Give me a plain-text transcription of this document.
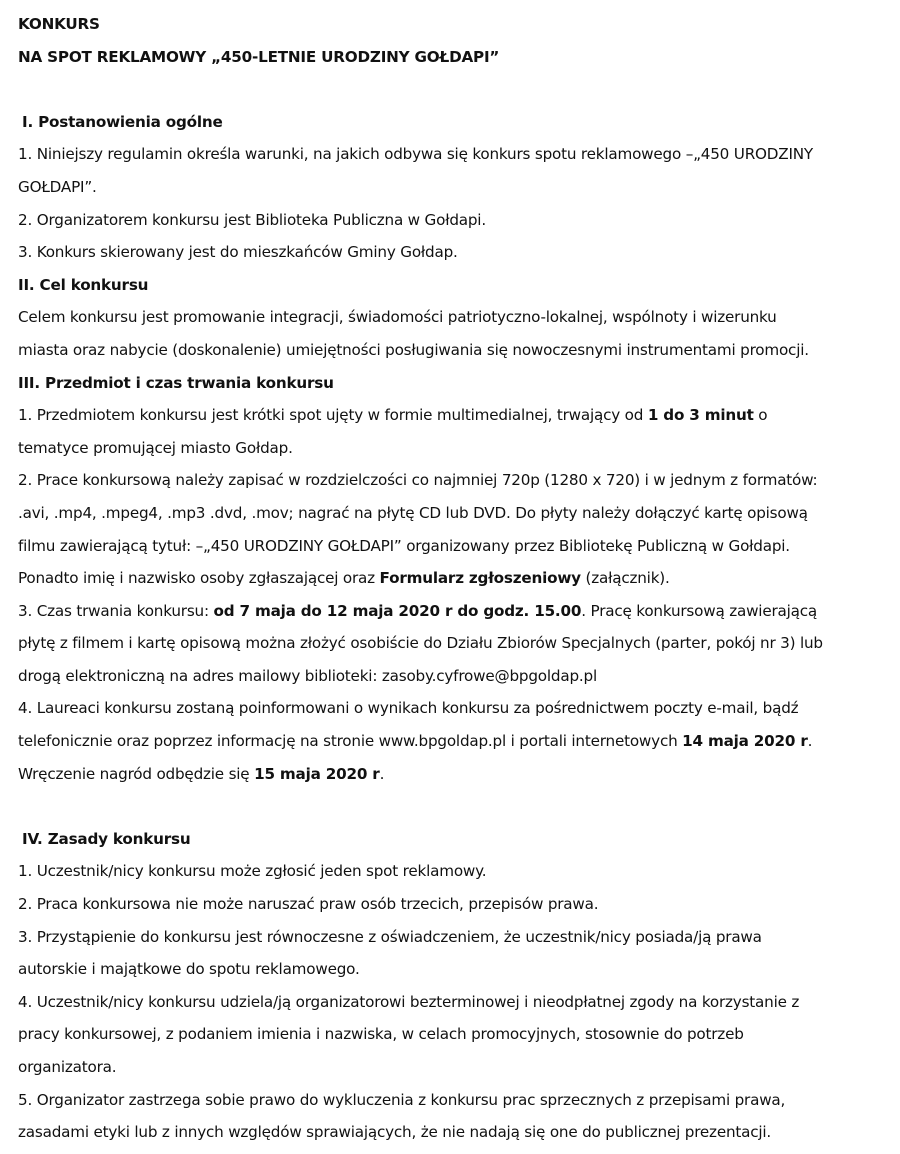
KONKURS
NA SPOT REKLAMOWY „450-LETNIE URODZINY GOŁDAPI”
I. Postanowienia ogólne
1. Niniejszy regulamin określa warunki, na jakich odbywa się konkurs spotu reklamowego –„450 URODZINY
GOŁDAPI”.
2. Organizatorem konkursu jest Biblioteka Publiczna w Gołdapi.
3. Konkurs skierowany jest do mieszkańców Gminy Gołdap.
II. Cel konkursu
Celem konkursu jest promowanie integracji, świadomości patriotyczno-lokalnej, wspólnoty i wizerunku
miasta oraz nabycie (doskonalenie) umiejętności posługiwania się nowoczesnymi instrumentami promocji.
III. Przedmiot i czas trwania konkursu
1. Przedmiotem konkursu jest krótki spot ujęty w formie multimedialnej, trwający od 1 do 3 minut o
tematyce promującej miasto Gołdap.
2. Prace konkursową należy zapisać w rozdzielczości co najmniej 720p (1280 x 720) i w jednym z formatów:
.avi, .mp4, .mpeg4, .mp3 .dvd, .mov; nagrać na płytę CD lub DVD. Do płyty należy dołączyć kartę opisową
filmu zawierającą tytuł: –„450 URODZINY GOŁDAPI” organizowany przez Bibliotekę Publiczną w Gołdapi.
Ponadto imię i nazwisko osoby zgłaszającej oraz Formularz zgłoszeniowy (załącznik).
3. Czas trwania konkursu: od 7 maja do 12 maja 2020 r do godz. 15.00. Pracę konkursową zawierającą
płytę z filmem i kartę opisową można złożyć osobiście do Działu Zbiorów Specjalnych (parter, pokój nr 3) lub
drogą elektroniczną na adres mailowy biblioteki: zasoby.cyfrowe@bpgoldap.pl
4. Laureaci konkursu zostaną poinformowani o wynikach konkursu za pośrednictwem poczty e-mail, bądź
telefonicznie oraz poprzez informację na stronie www.bpgoldap.pl i portali internetowych 14 maja 2020 r.
Wręczenie nagród odbędzie się 15 maja 2020 r.
IV. Zasady konkursu
1. Uczestnik/nicy konkursu może zgłosić jeden spot reklamowy.
2. Praca konkursowa nie może naruszać praw osób trzecich, przepisów prawa.
3. Przystąpienie do konkursu jest równoczesne z oświadczeniem, że uczestnik/nicy posiada/ją prawa
autorskie i majątkowe do spotu reklamowego.
4. Uczestnik/nicy konkursu udziela/ją organizatorowi bezterminowej i nieodpłatnej zgody na korzystanie z
pracy konkursowej, z podaniem imienia i nazwiska, w celach promocyjnych, stosownie do potrzeb
organizatora.
5. Organizator zastrzega sobie prawo do wykluczenia z konkursu prac sprzecznych z przepisami prawa,
zasadami etyki lub z innych względów sprawiających, że nie nadają się one do publicznej prezentacji.
